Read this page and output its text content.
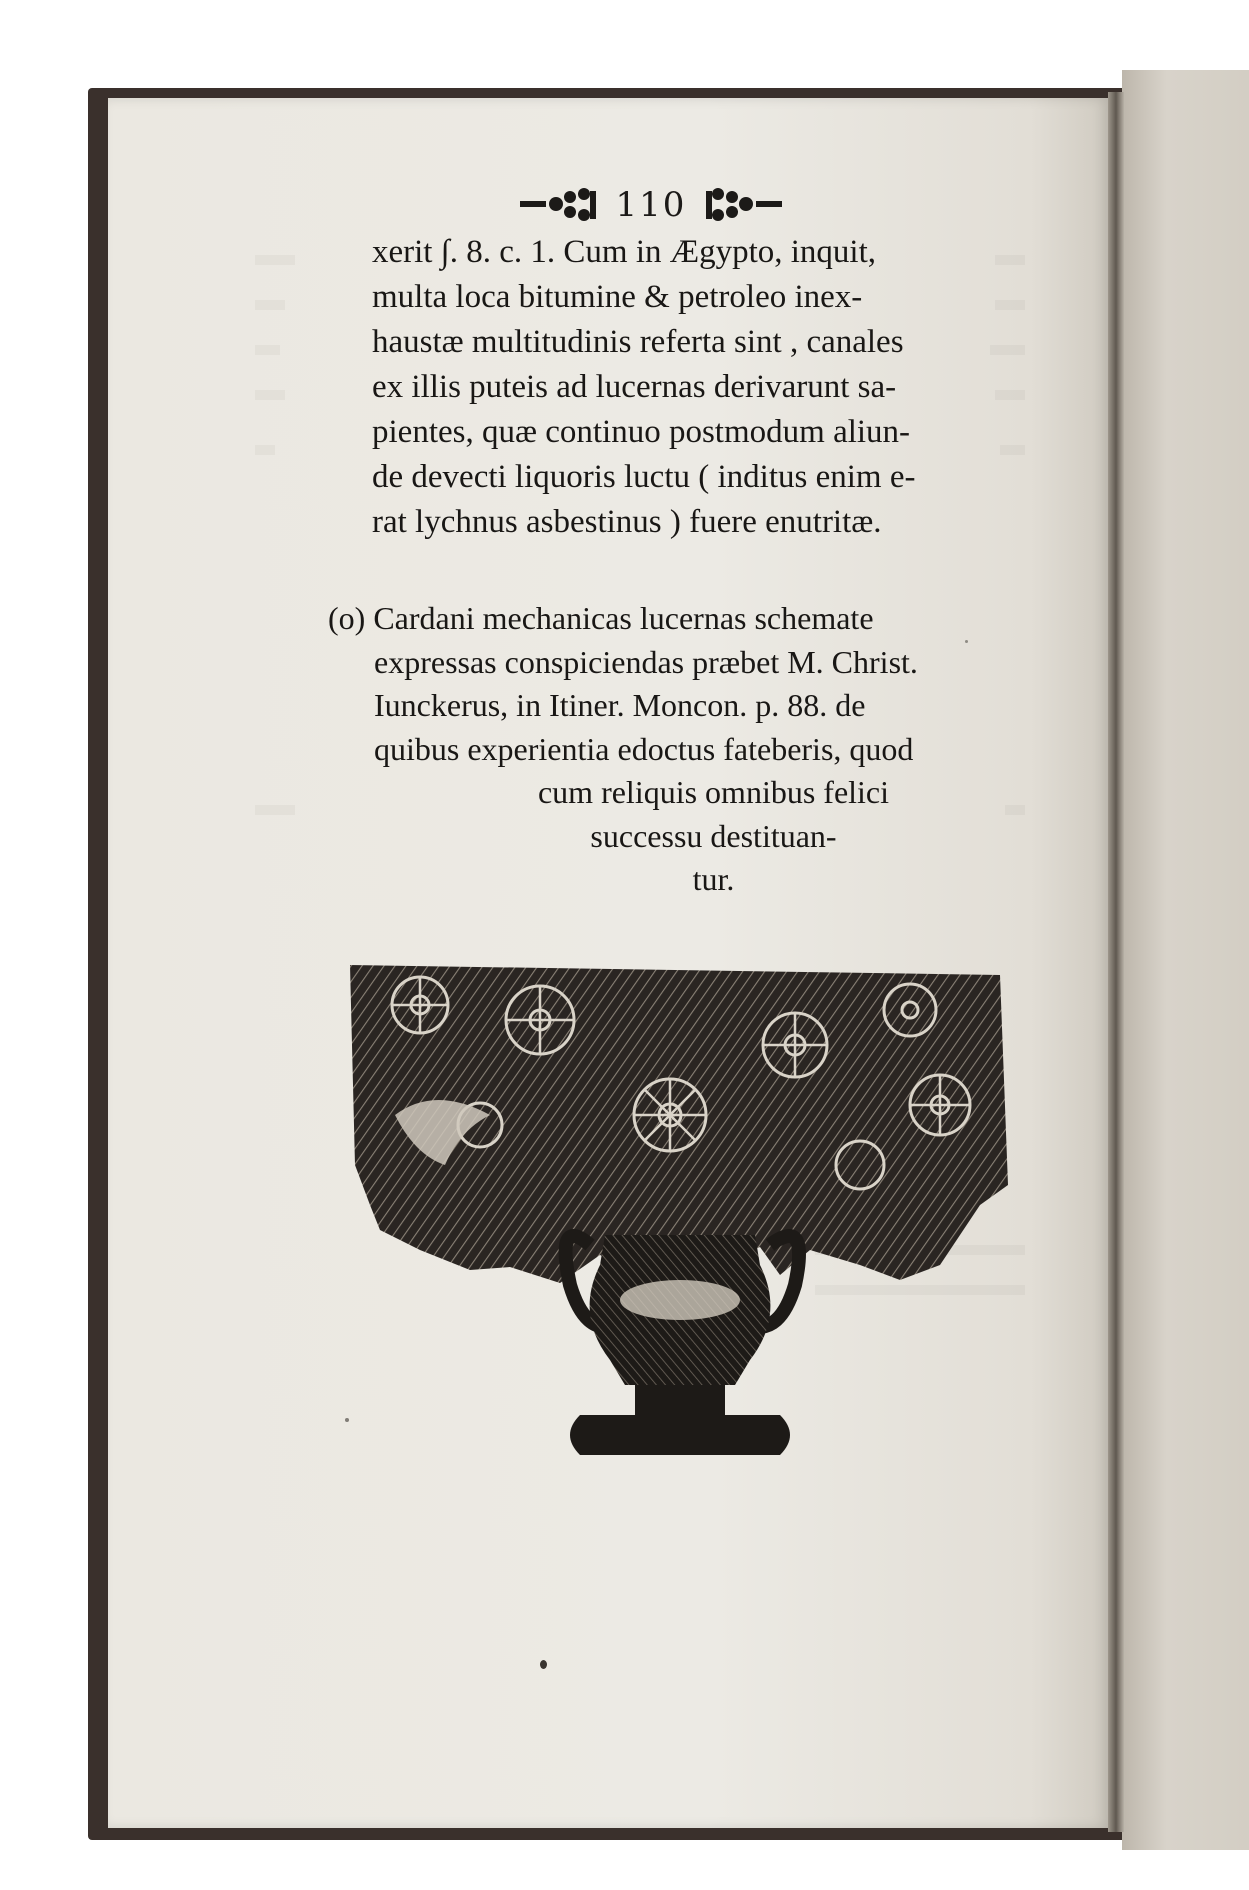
110
xerit ∫. 8. c. 1. Cum in Ægypto, inquit,
multa loca bitumine & petroleo inex-
haustæ multitudinis referta sint , canales
ex illis puteis ad lucernas derivarunt sa-
pientes, quæ continuo postmodum aliun-
de devecti liquoris luctu ( inditus enim e-
rat lychnus asbestinus ) fuere enutritæ.
(o) Cardani mechanicas lucernas schemate
expressas conspiciendas præbet M. Christ.
Iunckerus, in Itiner. Moncon. p. 88. de
quibus experientia edoctus fateberis, quod
cum reliquis omnibus felici
successu destituan-
tur.
